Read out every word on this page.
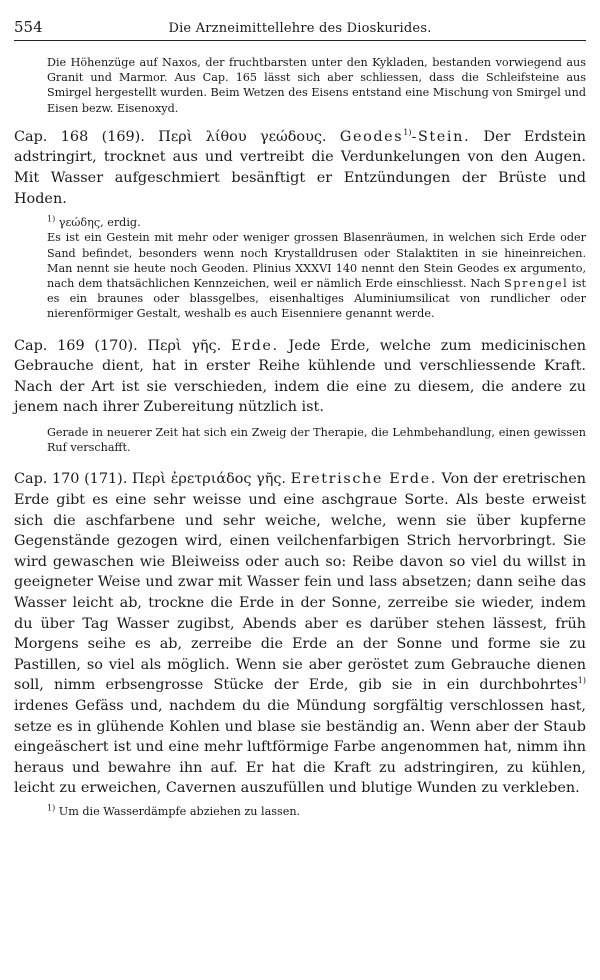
554	Die Arzneimittellehre des Dioskurides.

Die Höhenzüge auf Naxos, der fruchtbarsten unter den Kykladen, bestanden vorwiegend aus Granit und Marmor. Aus Cap. 165 lässt sich aber schliessen, dass die Schleifsteine aus Smirgel hergestellt wurden. Beim Wetzen des Eisens entstand eine Mischung von Smirgel und Eisen bezw. Eisenoxyd.

Cap. 168 (169). Περὶ λίθου γεώδους. Geodes$^{1)}$-Stein. Der Erdstein adstringirt, trocknet aus und vertreibt die Verdunkelungen von den Augen. Mit Wasser aufgeschmiert besänftigt er Entzündungen der Brüste und Hoden.

$^{1)}$ γεώδης, erdig.

Es ist ein Gestein mit mehr oder weniger grossen Blasenräumen, in welchen sich Erde oder Sand befindet, besonders wenn noch Krystalldrusen oder Stalaktiten in sie hineinreichen. Man nennt sie heute noch Geoden. Plinius XXXVI 140 nennt den Stein Geodes ex argumento, nach dem thatsächlichen Kennzeichen, weil er nämlich Erde einschliesst. Nach Sprengel ist es ein braunes oder blassgelbes, eisenhaltiges Aluminiumsilicat von rundlicher oder nierenförmiger Gestalt, weshalb es auch Eisenniere genannt werde.

Cap. 169 (170). Περὶ γῆς. Erde. Jede Erde, welche zum medicinischen Gebrauche dient, hat in erster Reihe kühlende und verschliessende Kraft. Nach der Art ist sie verschieden, indem die eine zu diesem, die andere zu jenem nach ihrer Zubereitung nützlich ist.

Gerade in neuerer Zeit hat sich ein Zweig der Therapie, die Lehmbehandlung, einen gewissen Ruf verschafft.

Cap. 170 (171). Περὶ ἐρετριάδος γῆς. Eretrische Erde. Von der eretrischen Erde gibt es eine sehr weisse und eine aschgraue Sorte. Als beste erweist sich die aschfarbene und sehr weiche, welche, wenn sie über kupferne Gegenstände gezogen wird, einen veilchenfarbigen Strich hervorbringt. Sie wird gewaschen wie Bleiweiss oder auch so: Reibe davon so viel du willst in geeigneter Weise und zwar mit Wasser fein und lass absetzen; dann seihe das Wasser leicht ab, trockne die Erde in der Sonne, zerreibe sie wieder, indem du über Tag Wasser zugibst, Abends aber es darüber stehen lässest, früh Morgens seihe es ab, zerreibe die Erde an der Sonne und forme sie zu Pastillen, so viel als möglich. Wenn sie aber geröstet zum Gebrauche dienen soll, nimm erbsengrosse Stücke der Erde, gib sie in ein durchbohrtes$^{1)}$ irdenes Gefäss und, nachdem du die Mündung sorgfältig verschlossen hast, setze es in glühende Kohlen und blase sie beständig an. Wenn aber der Staub eingeäschert ist und eine mehr luftförmige Farbe angenommen hat, nimm ihn heraus und bewahre ihn auf. Er hat die Kraft zu adstringiren, zu kühlen, leicht zu erweichen, Cavernen auszufüllen und blutige Wunden zu verkleben.

$^{1)}$ Um die Wasserdämpfe abziehen zu lassen.
